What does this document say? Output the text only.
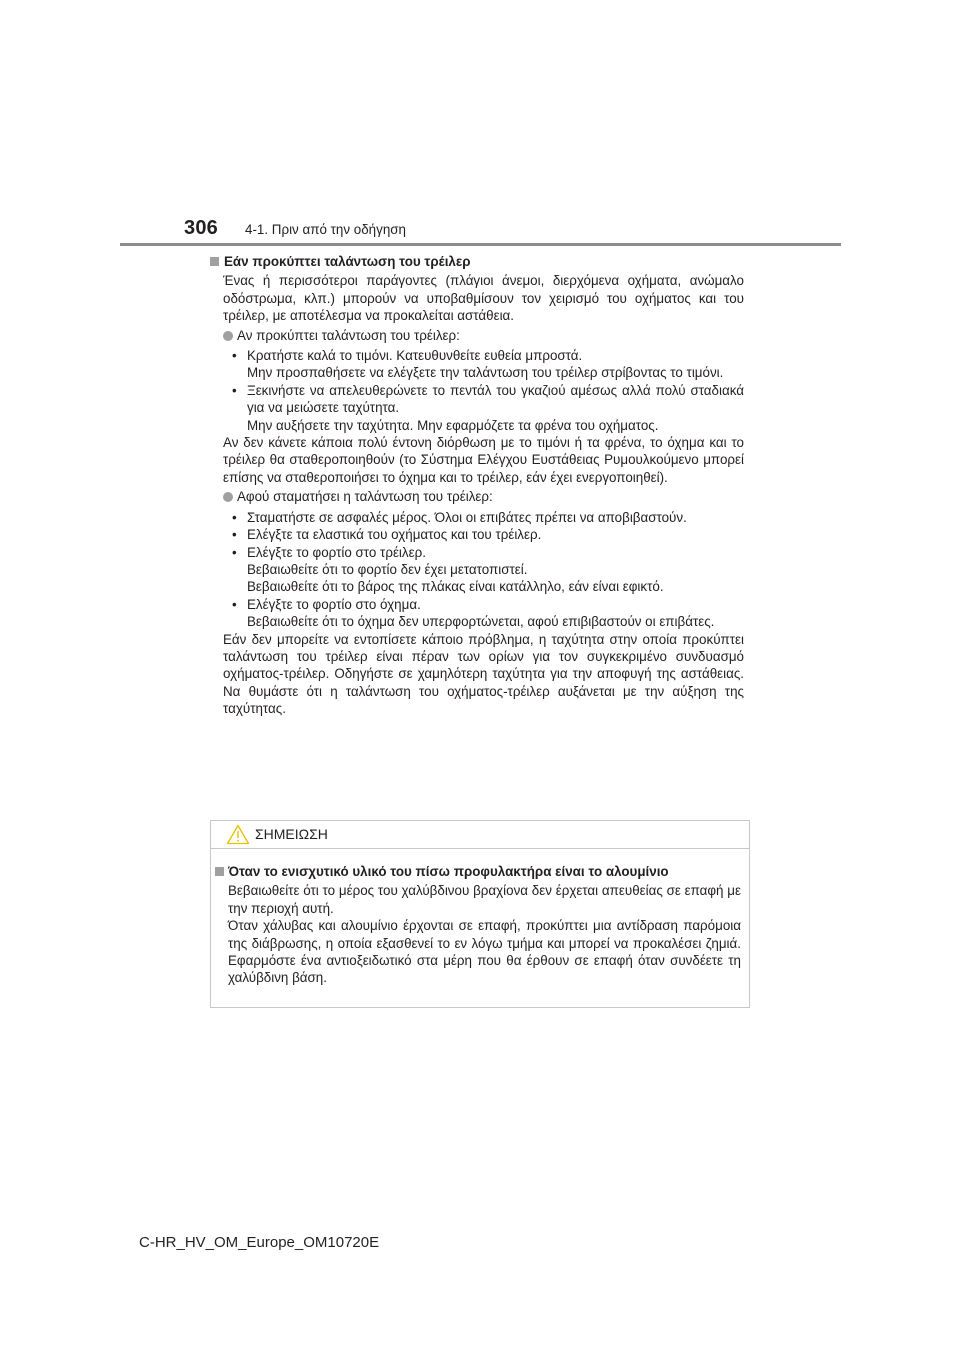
306 4-1. Πριν από την οδήγηση
Εάν προκύπτει ταλάντωση του τρέιλερ

Ένας ή περισσότεροι παράγοντες (πλάγιοι άνεμοι, διερχόμενα οχήματα, ανώμαλο οδόστρωμα, κλπ.) μπορούν να υποβαθμίσουν τον χειρισμό του οχήματος και του τρέιλερ, με αποτέλεσμα να προκαλείται αστάθεια.

Αν προκύπτει ταλάντωση του τρέιλερ:
• Κρατήστε καλά το τιμόνι. Κατευθυνθείτε ευθεία μπροστά.
Μην προσπαθήσετε να ελέγξετε την ταλάντωση του τρέιλερ στρίβοντας το τιμόνι.
• Ξεκινήστε να απελευθερώνετε το πεντάλ του γκαζιού αμέσως αλλά πολύ σταδιακά για να μειώσετε ταχύτητα.
Μην αυξήσετε την ταχύτητα. Μην εφαρμόζετε τα φρένα του οχήματος.

Αν δεν κάνετε κάποια πολύ έντονη διόρθωση με το τιμόνι ή τα φρένα, το όχημα και το τρέιλερ θα σταθεροποιηθούν (το Σύστημα Ελέγχου Ευστάθειας Ρυμουλκούμενο μπορεί επίσης να σταθεροποιήσει το όχημα και το τρέιλερ, εάν έχει ενεργοποιηθεί).

Αφού σταματήσει η ταλάντωση του τρέιλερ:
• Σταματήστε σε ασφαλές μέρος. Όλοι οι επιβάτες πρέπει να αποβιβαστούν.
• Ελέγξτε τα ελαστικά του οχήματος και του τρέιλερ.
• Ελέγξτε το φορτίο στο τρέιλερ.
Βεβαιωθείτε ότι το φορτίο δεν έχει μετατοπιστεί.
Βεβαιωθείτε ότι το βάρος της πλάκας είναι κατάλληλο, εάν είναι εφικτό.
• Ελέγξτε το φορτίο στο όχημα.
Βεβαιωθείτε ότι το όχημα δεν υπερφορτώνεται, αφού επιβιβαστούν οι επιβάτες.

Εάν δεν μπορείτε να εντοπίσετε κάποιο πρόβλημα, η ταχύτητα στην οποία προκύπτει ταλάντωση του τρέιλερ είναι πέραν των ορίων για τον συγκεκριμένο συνδυασμό οχήματος-τρέιλερ. Οδηγήστε σε χαμηλότερη ταχύτητα για την αποφυγή της αστάθειας. Να θυμάστε ότι η ταλάντωση του οχήματος-τρέιλερ αυξάνεται με την αύξηση της ταχύτητας.

ΣΗΜΕΙΩΣΗ
Όταν το ενισχυτικό υλικό του πίσω προφυλακτήρα είναι το αλουμίνιο

Βεβαιωθείτε ότι το μέρος του χαλύβδινου βραχίονα δεν έρχεται απευθείας σε επαφή με την περιοχή αυτή.

Όταν χάλυβας και αλουμίνιο έρχονται σε επαφή, προκύπτει μια αντίδραση παρόμοια της διάβρωσης, η οποία εξασθενεί το εν λόγω τμήμα και μπορεί να προκαλέσει ζημιά. Εφαρμόστε ένα αντιοξειδωτικό στα μέρη που θα έρθουν σε επαφή όταν συνδέετε τη χαλύβδινη βάση.

C-HR_HV_OM_Europe_OM10720E
